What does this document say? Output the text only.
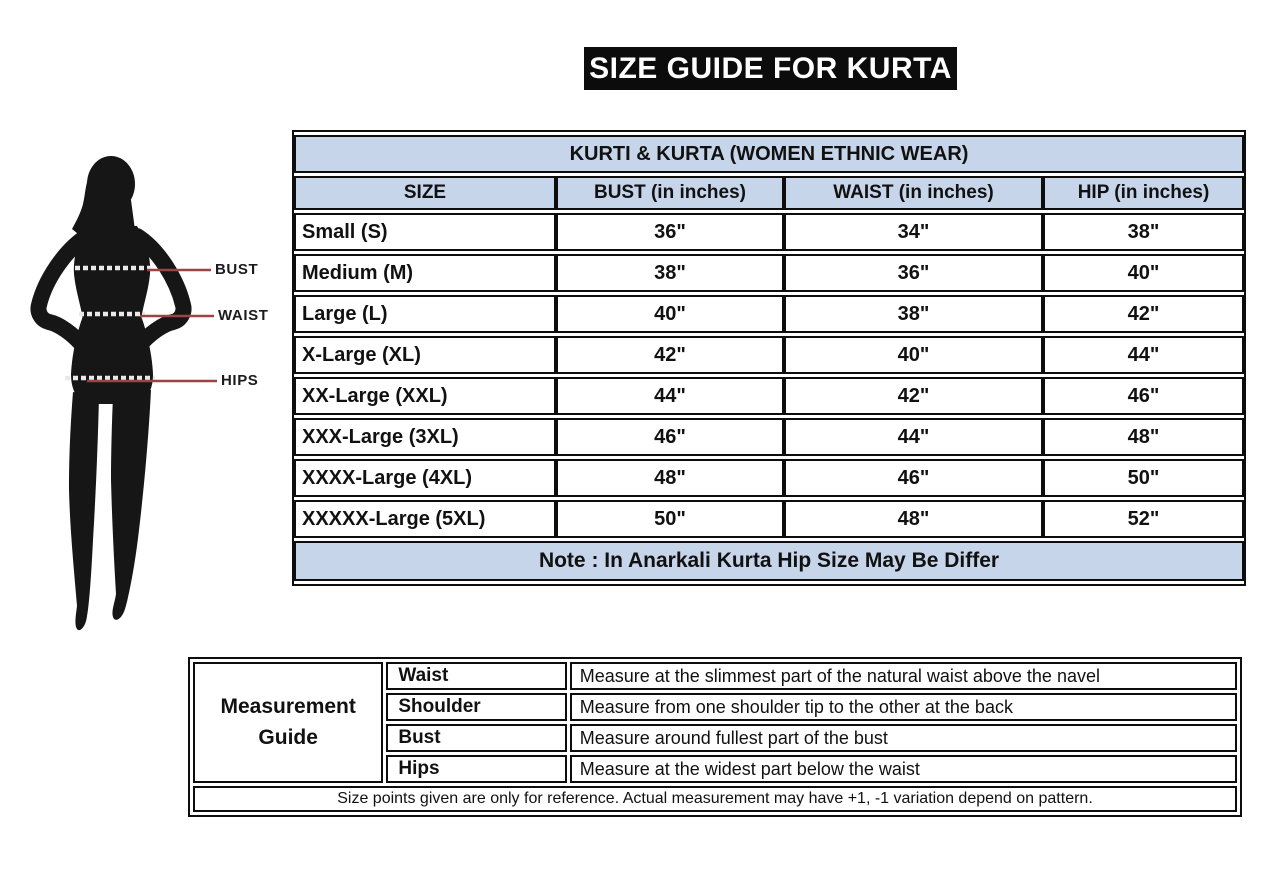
SIZE GUIDE FOR KURTA
BUST
WAIST
HIPS
KURTI & KURTA (WOMEN ETHNIC WEAR)			
SIZE	BUST (in inches)	WAIST (in inches)	HIP (in inches)
Small (S)	36"	34"	38"
Medium (M)	38"	36"	40"
Large (L)	40"	38"	42"
X-Large (XL)	42"	40"	44"
XX-Large (XXL)	44"	42"	46"
XXX-Large (3XL)	46"	44"	48"
XXXX-Large (4XL)	48"	46"	50"
XXXXX-Large (5XL)	50"	48"	52"
Note : In Anarkali Kurta Hip Size May Be Differ			
Measurement Guide	Waist	Measure at the slimmest part of the natural waist above the navel
	Shoulder	Measure from one shoulder tip to the other at the back
	Bust	Measure around fullest part of the bust
	Hips	Measure at the widest part below the waist
Size points given are only for reference. Actual measurement may have +1, -1 variation depend on pattern.		
